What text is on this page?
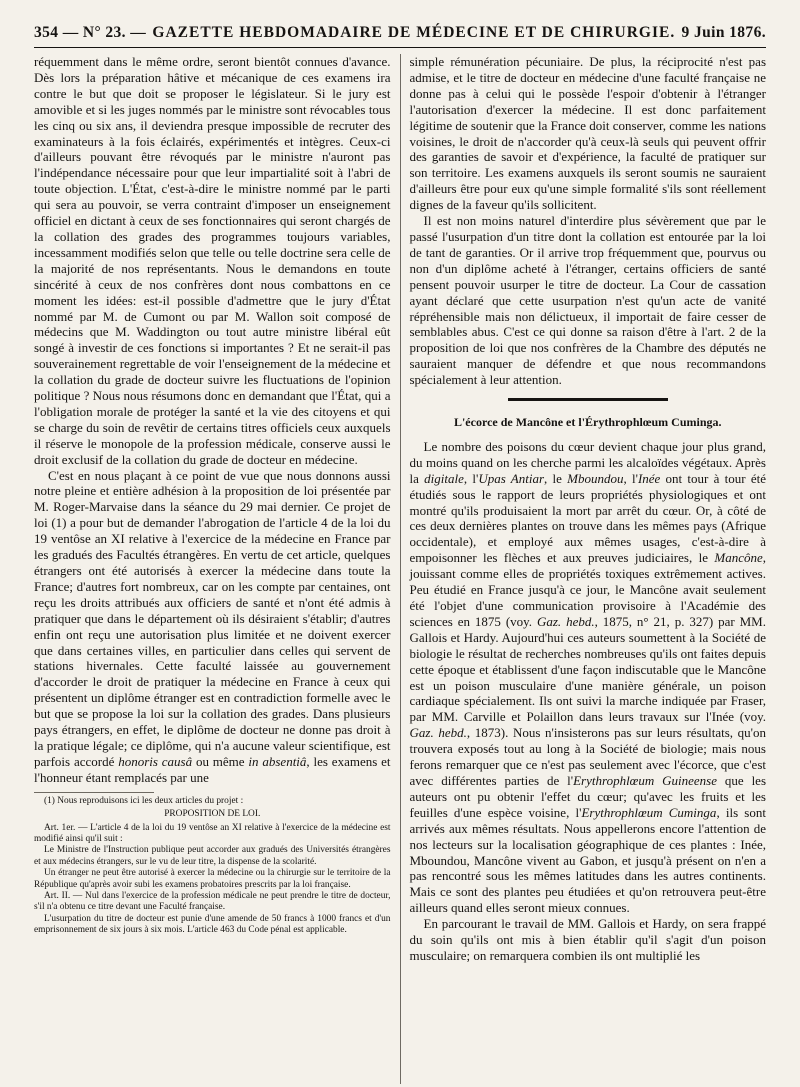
354 — N° 23. — GAZETTE HEBDOMADAIRE DE MÉDECINE ET DE CHIRURGIE. 9 Juin 1876.

réquemment dans le même ordre, seront bientôt connues d'avance. Dès lors la préparation hâtive et mécanique de ces examens ira contre le but que doit se proposer le législateur. Si le jury est amovible et si les juges nommés par le ministre sont révocables tous les cinq ou six ans, il deviendra presque impossible de recruter des examinateurs à la fois éclairés, expérimentés et intègres. Ceux-ci d'ailleurs pouvant être révoqués par le ministre n'auront pas l'indépendance nécessaire pour que leur impartialité soit à l'abri de toute objection. L'État, c'est-à-dire le ministre nommé par le parti qui sera au pouvoir, se verra contraint d'imposer un enseignement officiel en dictant à ceux de ses fonctionnaires qui seront chargés de la collation des grades des programmes toujours variables, incessamment modifiés selon que telle ou telle doctrine sera celle de la majorité de nos représentants. Nous le demandons en toute sincérité à ceux de nos confrères dont nous combattons en ce moment les idées: est-il possible d'admettre que le jury d'État nommé par M. de Cumont ou par M. Wallon soit composé de médecins que M. Waddington ou tout autre ministre libéral eût songé à investir de ces fonctions si importantes ? Et ne serait-il pas souverainement regrettable de voir l'enseignement de la médecine et la collation du grade de docteur suivre les fluctuations de l'opinion politique ? Nous nous résumons donc en demandant que l'État, qui a l'obligation morale de protéger la santé et la vie des citoyens et qui se charge du soin de revêtir de certains titres officiels ceux auxquels il réserve le monopole de la profession médicale, conserve aussi le droit exclusif de la collation du grade de docteur en médecine.

C'est en nous plaçant à ce point de vue que nous donnons aussi notre pleine et entière adhésion à la proposition de loi présentée par M. Roger-Marvaise dans la séance du 29 mai dernier. Ce projet de loi (1) a pour but de demander l'abrogation de l'article 4 de la loi du 19 ventôse an XI relative à l'exercice de la médecine en France par les gradués des Facultés étrangères. En vertu de cet article, quelques étrangers ont été autorisés à exercer la médecine dans toute la France; d'autres fort nombreux, car on les compte par centaines, ont reçu les droits attribués aux officiers de santé et n'ont été admis à pratiquer que dans le département où ils désiraient s'établir; d'autres enfin ont reçu une autorisation plus limitée et ne doivent exercer que dans certaines villes, en particulier dans celles qui servent de stations hivernales. Cette faculté laissée au gouvernement d'accorder le droit de pratiquer la médecine en France à ceux qui présentent un diplôme étranger est en contradiction formelle avec le but que se propose la loi sur la collation des grades. Dans plusieurs pays étrangers, en effet, le diplôme de docteur ne donne pas droit à la pratique légale; ce diplôme, qui n'a aucune valeur scientifique, est parfois accordé honoris causâ ou même in absentiâ, les examens et l'honneur étant remplacés par une

(1) Nous reproduisons ici les deux articles du projet :

PROPOSITION DE LOI.

Art. 1er. — L'article 4 de la loi du 19 ventôse an XI relative à l'exercice de la médecine est modifié ainsi qu'il suit :

Le Ministre de l'Instruction publique peut accorder aux gradués des Universités étrangères et aux médecins étrangers, sur le vu de leur titre, la dispense de la scolarité.

Un étranger ne peut être autorisé à exercer la médecine ou la chirurgie sur le territoire de la République qu'après avoir subi les examens probatoires prescrits par la loi française.

Art. II. — Nul dans l'exercice de la profession médicale ne peut prendre le titre de docteur, s'il n'a obtenu ce titre devant une Faculté française.

L'usurpation du titre de docteur est punie d'une amende de 50 francs à 1000 francs et d'un emprisonnement de six jours à six mois. L'article 463 du Code pénal est applicable.

simple rémunération pécuniaire. De plus, la réciprocité n'est pas admise, et le titre de docteur en médecine d'une faculté française ne donne pas à celui qui le possède l'espoir d'obtenir à l'étranger l'autorisation d'exercer la médecine. Il est donc parfaitement légitime de soutenir que la France doit conserver, comme les nations voisines, le droit de n'accorder qu'à ceux-là seuls qui peuvent offrir des garanties de savoir et d'expérience, la faculté de pratiquer sur son territoire. Les examens auxquels ils seront soumis ne sauraient d'ailleurs être pour eux qu'une simple formalité s'ils sont réellement dignes de la faveur qu'ils sollicitent.

Il est non moins naturel d'interdire plus sévèrement que par le passé l'usurpation d'un titre dont la collation est entourée par la loi de tant de garanties. Or il arrive trop fréquemment que, pourvus ou non d'un diplôme acheté à l'étranger, certains officiers de santé pensent pouvoir usurper le titre de docteur. La Cour de cassation ayant déclaré que cette usurpation n'est qu'un acte de vanité répréhensible mais non délictueux, il importait de faire cesser de semblables abus. C'est ce qui donne sa raison d'être à l'art. 2 de la proposition de loi que nos confrères de la Chambre des députés ne sauraient manquer de défendre et que nous recommandons spécialement à leur attention.

L'écorce de Mancône et l'Érythrophlœum Cuminga.

Le nombre des poisons du cœur devient chaque jour plus grand, du moins quand on les cherche parmi les alcaloïdes végétaux. Après la digitale, l'Upas Antiar, le Mboundou, l'Inée ont tour à tour été étudiés sous le rapport de leurs propriétés physiologiques et ont montré qu'ils produisaient la mort par arrêt du cœur. Or, à côté de ces deux dernières plantes on trouve dans les mêmes pays (Afrique occidentale), et employé aux mêmes usages, c'est-à-dire à empoisonner les flèches et aux preuves judiciaires, le Mancône, jouissant comme elles de propriétés toxiques extrêmement actives. Peu étudié en France jusqu'à ce jour, le Mancône avait seulement été l'objet d'une communication provisoire à l'Académie des sciences en 1875 (voy. Gaz. hebd., 1875, n° 21, p. 327) par MM. Gallois et Hardy. Aujourd'hui ces auteurs soumettent à la Société de biologie le résultat de recherches nombreuses qu'ils ont faites depuis cette époque et établissent d'une façon indiscutable que le Mancône est un poison musculaire d'une manière générale, un poison cardiaque spécialement. Ils ont suivi la marche indiquée par Fraser, par MM. Carville et Polaillon dans leurs travaux sur l'Inée (voy. Gaz. hebd., 1873). Nous n'insisterons pas sur leurs résultats, qu'on trouvera exposés tout au long à la Société de biologie; mais nous ferons remarquer que ce n'est pas seulement avec l'écorce, que c'est avec différentes parties de l'Erythrophlœum Guineense que les auteurs ont pu obtenir l'effet du cœur; qu'avec les fruits et les feuilles d'une espèce voisine, l'Erythrophlœum Cuminga, ils sont arrivés aux mêmes résultats. Nous appellerons encore l'attention de nos lecteurs sur la localisation géographique de ces plantes : Inée, Mboundou, Mancône vivent au Gabon, et jusqu'à présent on n'en a pas rencontré sous les mêmes latitudes dans les autres continents. Mais ce sont des plantes peu étudiées et qu'on retrouvera peut-être ailleurs quand elles seront mieux connues.

En parcourant le travail de MM. Gallois et Hardy, on sera frappé du soin qu'ils ont mis à bien établir qu'il s'agit d'un poison musculaire; on remarquera combien ils ont multiplié les
